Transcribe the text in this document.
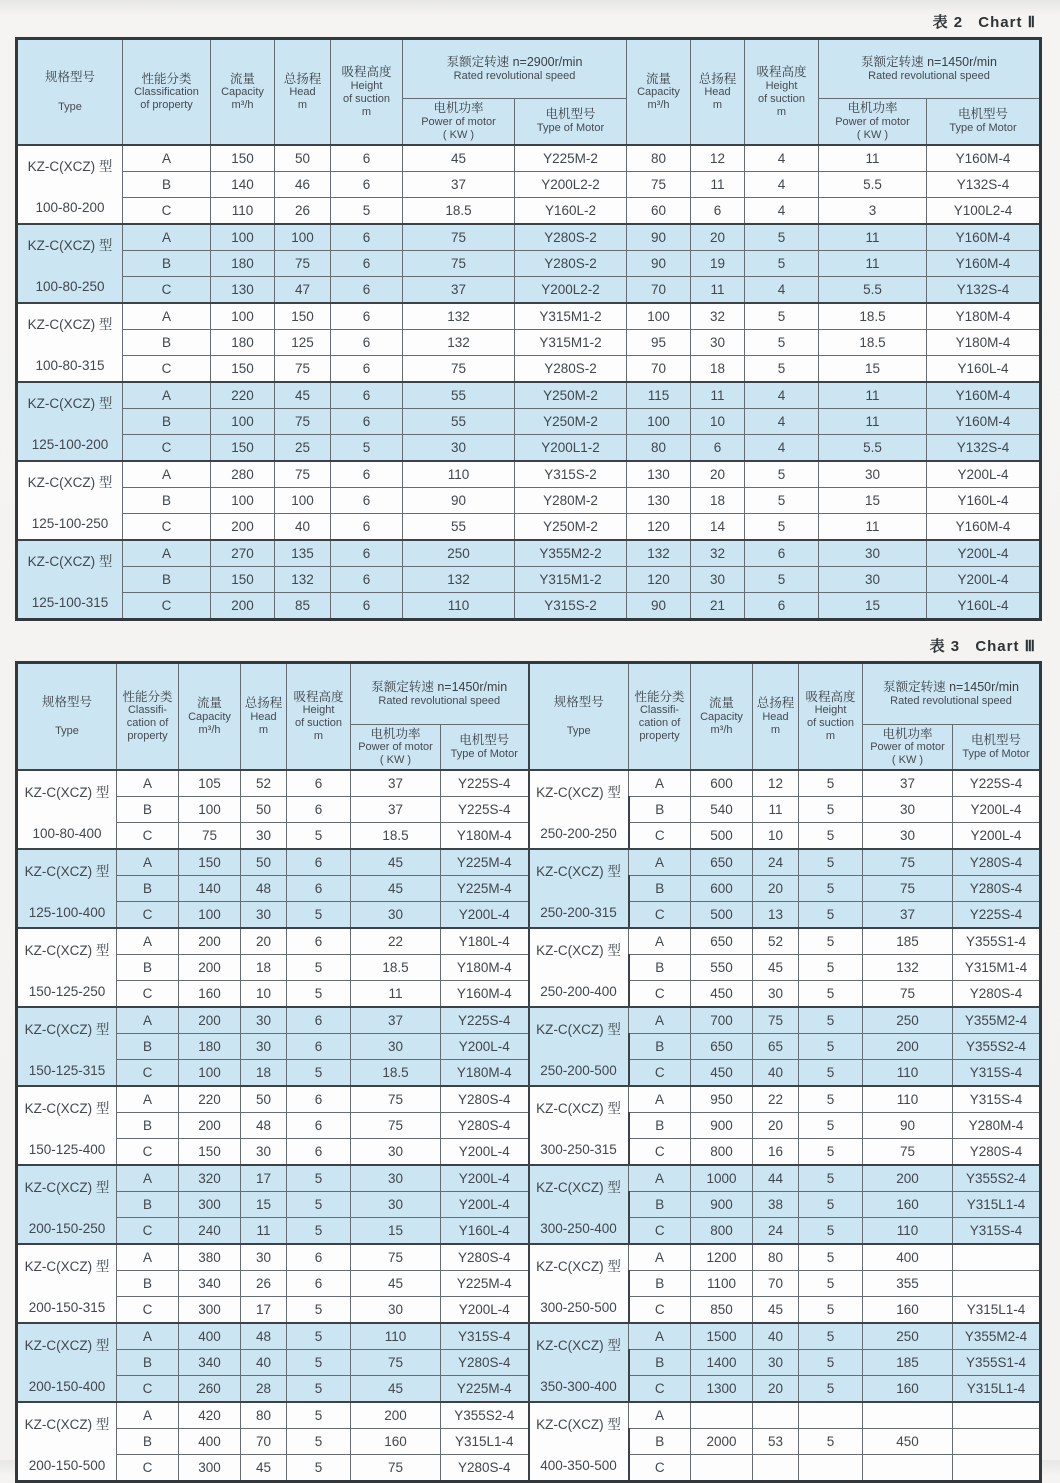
表 2 Chart Ⅱ
规格型号
Type	性能分类
Classification
of property	流量
Capacity
m³/h	总扬程
Head
m	吸程高度
Height
of suction
m	泵额定转速 n=2900r/min
Rated revolutional speed		流量
Capacity
m³/h	总扬程
Head
m	吸程高度
Height
of suction
m	泵额定转速 n=1450r/min
Rated revolutional speed	

					电机功率
Power of motor
( KW )	电机型号
Type of Motor				电机功率
Power of motor
( KW )	电机型号
Type of Motor

KZ-C(XCZ) 型
100-80-200	A	150	50	6	45	Y225M-2	80	12	4	11	Y160M-4
	B	140	46	6	37	Y200L2-2	75	11	4	5.5	Y132S-4
	C	110	26	5	18.5	Y160L-2	60	6	4	3	Y100L2-4

KZ-C(XCZ) 型
100-80-250	A	100	100	6	75	Y280S-2	90	20	5	11	Y160M-4
	B	180	75	6	75	Y280S-2	90	19	5	11	Y160M-4
	C	130	47	6	37	Y200L2-2	70	11	4	5.5	Y132S-4

KZ-C(XCZ) 型
100-80-315	A	100	150	6	132	Y315M1-2	100	32	5	18.5	Y180M-4
	B	180	125	6	132	Y315M1-2	95	30	5	18.5	Y180M-4
	C	150	75	6	75	Y280S-2	70	18	5	15	Y160L-4

KZ-C(XCZ) 型
125-100-200	A	220	45	6	55	Y250M-2	115	11	4	11	Y160M-4
	B	100	75	6	55	Y250M-2	100	10	4	11	Y160M-4
	C	150	25	5	30	Y200L1-2	80	6	4	5.5	Y132S-4

KZ-C(XCZ) 型
125-100-250	A	280	75	6	110	Y315S-2	130	20	5	30	Y200L-4
	B	100	100	6	90	Y280M-2	130	18	5	15	Y160L-4
	C	200	40	6	55	Y250M-2	120	14	5	11	Y160M-4

KZ-C(XCZ) 型
125-100-315	A	270	135	6	250	Y355M2-2	132	32	6	30	Y200L-4
	B	150	132	6	132	Y315M1-2	120	30	5	30	Y200L-4
	C	200	85	6	110	Y315S-2	90	21	6	15	Y160L-4
表 3 Chart Ⅲ
规格型号
Type	性能分类
Classifi-
cation of
property	流量
Capacity
m³/h	总扬程
Head
m	吸程高度
Height
of suction
m	泵额定转速 n=1450r/min
Rated revolutional speed		规格型号
Type	性能分类
Classifi-
cation of
property	流量
Capacity
m³/h	总扬程
Head
m	吸程高度
Height
of suction
m	泵额定转速 n=1450r/min
Rated revolutional speed	

					电机功率
Power of motor
( KW )	电机型号
Type of Motor						电机功率
Power of motor
( KW )	电机型号
Type of Motor

KZ-C(XCZ) 型
100-80-400
	A	105	52	6	37	Y225S-4	
KZ-C(XCZ) 型
250-200-250
	A	600	12	5	37	Y225S-4
	B	100	50	6	37	Y225S-4		B	540	11	5	30	Y200L-4
	C	75	30	5	18.5	Y180M-4		C	500	10	5	30	Y200L-4

KZ-C(XCZ) 型
125-100-400
	A	150	50	6	45	Y225M-4	
KZ-C(XCZ) 型
250-200-315
	A	650	24	5	75	Y280S-4
	B	140	48	6	45	Y225M-4		B	600	20	5	75	Y280S-4
	C	100	30	5	30	Y200L-4		C	500	13	5	37	Y225S-4

KZ-C(XCZ) 型
150-125-250
	A	200	20	6	22	Y180L-4	
KZ-C(XCZ) 型
250-200-400
	A	650	52	5	185	Y355S1-4
	B	200	18	5	18.5	Y180M-4		B	550	45	5	132	Y315M1-4
	C	160	10	5	11	Y160M-4		C	450	30	5	75	Y280S-4

KZ-C(XCZ) 型
150-125-315
	A	200	30	6	37	Y225S-4	
KZ-C(XCZ) 型
250-200-500
	A	700	75	5	250	Y355M2-4
	B	180	30	6	30	Y200L-4		B	650	65	5	200	Y355S2-4
	C	100	18	5	18.5	Y180M-4		C	450	40	5	110	Y315S-4

KZ-C(XCZ) 型
150-125-400
	A	220	50	6	75	Y280S-4	
KZ-C(XCZ) 型
300-250-315
	A	950	22	5	110	Y315S-4
	B	200	48	6	75	Y280S-4		B	900	20	5	90	Y280M-4
	C	150	30	6	30	Y200L-4		C	800	16	5	75	Y280S-4

KZ-C(XCZ) 型
200-150-250
	A	320	17	5	30	Y200L-4	
KZ-C(XCZ) 型
300-250-400
	A	1000	44	5	200	Y355S2-4
	B	300	15	5	30	Y200L-4		B	900	38	5	160	Y315L1-4
	C	240	11	5	15	Y160L-4		C	800	24	5	110	Y315S-4

KZ-C(XCZ) 型
200-150-315
	A	380	30	6	75	Y280S-4	
KZ-C(XCZ) 型
300-250-500
	A	1200	80	5	400	
	B	340	26	6	45	Y225M-4		B	1100	70	5	355	
	C	300	17	5	30	Y200L-4		C	850	45	5	160	Y315L1-4

KZ-C(XCZ) 型
200-150-400
	A	400	48	5	110	Y315S-4	
KZ-C(XCZ) 型
350-300-400
	A	1500	40	5	250	Y355M2-4
	B	340	40	5	75	Y280S-4		B	1400	30	5	185	Y355S1-4
	C	260	28	5	45	Y225M-4		C	1300	20	5	160	Y315L1-4

KZ-C(XCZ) 型
200-150-500
	A	420	80	5	200	Y355S2-4	
KZ-C(XCZ) 型
400-350-500
	A					
	B	400	70	5	160	Y315L1-4		B	2000	53	5	450	
	C	300	45	5	75	Y280S-4		C					
